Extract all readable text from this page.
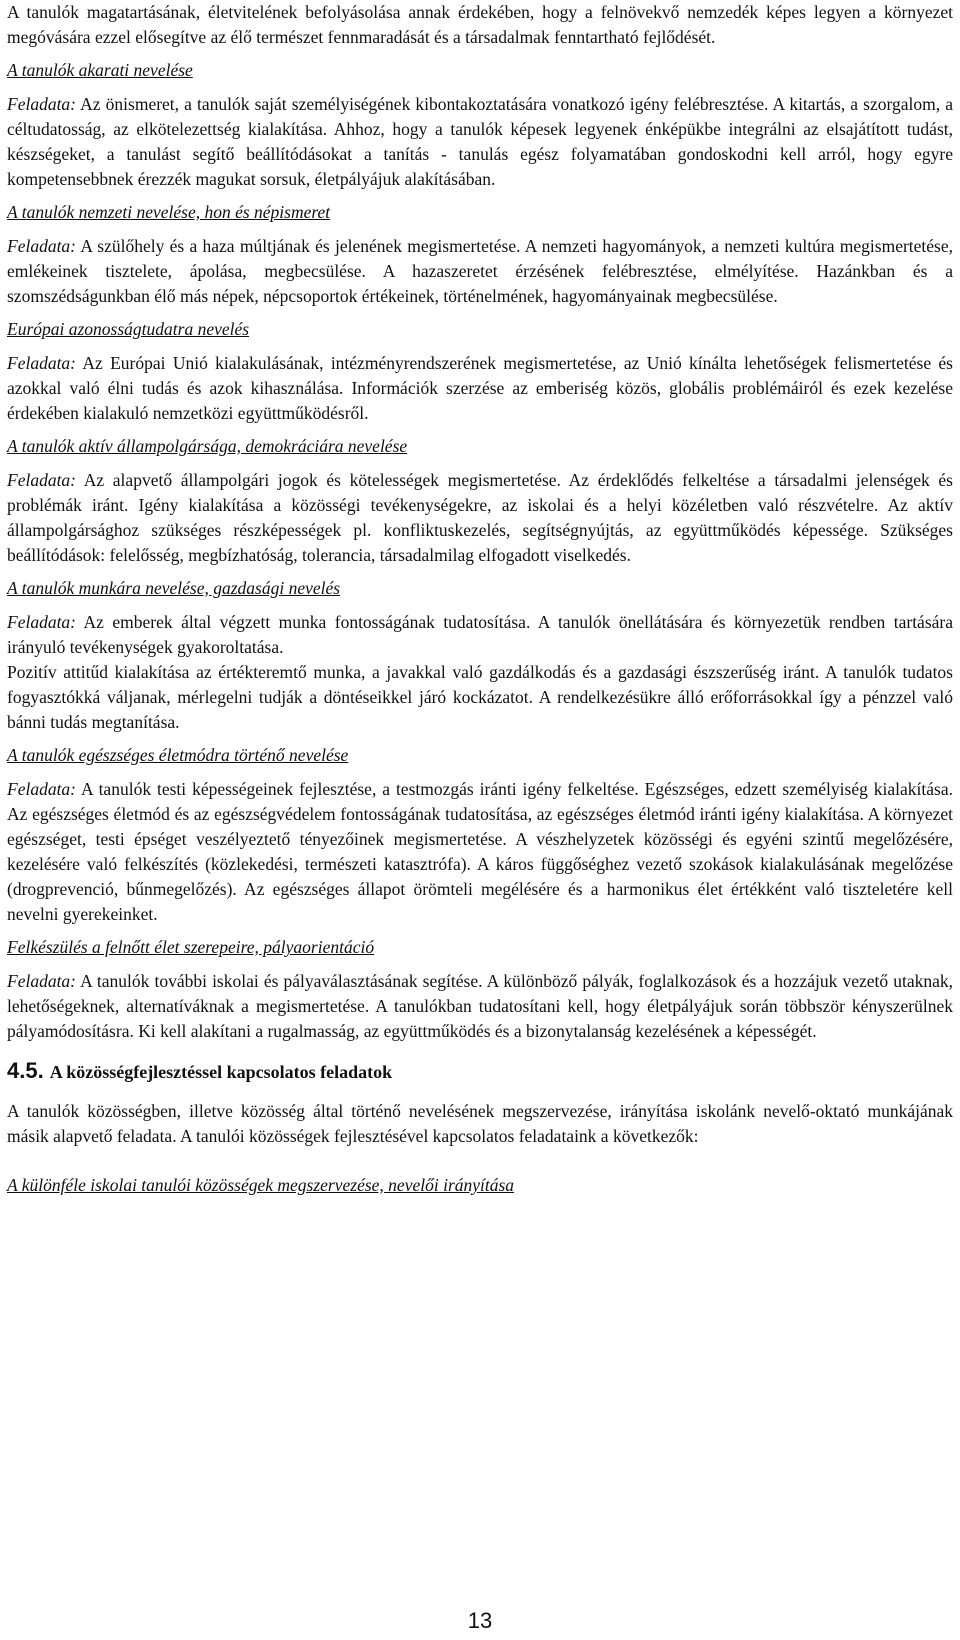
A tanulók magatartásának, életvitelének befolyásolása annak érdekében, hogy a felnövekvő nemzedék képes legyen a környezet megóvására ezzel elősegítve az élő természet fennmaradását és a társadalmak fenntartható fejlődését.

A tanulók akarati nevelése

Feladata: Az önismeret, a tanulók saját személyiségének kibontakoztatására vonatkozó igény felébresztése. A kitartás, a szorgalom, a céltudatosság, az elkötelezettség kialakítása. Ahhoz, hogy a tanulók képesek legyenek énképükbe integrálni az elsajátított tudást, készségeket, a tanulást segítő beállítódásokat a tanítás - tanulás egész folyamatában gondoskodni kell arról, hogy egyre kompetensebbnek érezzék magukat sorsuk, életpályájuk alakításában.

A tanulók nemzeti nevelése, hon és népismeret

Feladata: A szülőhely és a haza múltjának és jelenének megismertetése. A nemzeti hagyományok, a nemzeti kultúra megismertetése, emlékeinek tisztelete, ápolása, megbecsülése. A hazaszeretet érzésének felébresztése, elmélyítése. Hazánkban és a szomszédságunkban élő más népek, népcsoportok értékeinek, történelmének, hagyományainak megbecsülése.

Európai azonosságtudatra nevelés

Feladata: Az Európai Unió kialakulásának, intézményrendszerének megismertetése, az Unió kínálta lehetőségek felismertetése és azokkal való élni tudás és azok kihasználása. Információk szerzése az emberiség közös, globális problémáiról és ezek kezelése érdekében kialakuló nemzetközi együttműködésről.

A tanulók aktív állampolgársága, demokráciára nevelése

Feladata: Az alapvető állampolgári jogok és kötelességek megismertetése. Az érdeklődés felkeltése a társadalmi jelenségek és problémák iránt. Igény kialakítása a közösségi tevékenységekre, az iskolai és a helyi közéletben való részvételre. Az aktív állampolgársághoz szükséges részképességek pl. konfliktuskezelés, segítségnyújtás, az együttműködés képessége. Szükséges beállítódások: felelősség, megbízhatóság, tolerancia, társadalmilag elfogadott viselkedés.

A tanulók munkára nevelése, gazdasági nevelés

Feladata: Az emberek által végzett munka fontosságának tudatosítása. A tanulók önellátására és környezetük rendben tartására irányuló tevékenységek gyakoroltatása.

Pozitív attitűd kialakítása az értékteremtő munka, a javakkal való gazdálkodás és a gazdasági észszerűség iránt. A tanulók tudatos fogyasztókká váljanak, mérlegelni tudják a döntéseikkel járó kockázatot. A rendelkezésükre álló erőforrásokkal így a pénzzel való bánni tudás megtanítása.

A tanulók egészséges életmódra történő nevelése

Feladata: A tanulók testi képességeinek fejlesztése, a testmozgás iránti igény felkeltése. Egészséges, edzett személyiség kialakítása. Az egészséges életmód és az egészségvédelem fontosságának tudatosítása, az egészséges életmód iránti igény kialakítása. A környezet egészséget, testi épséget veszélyeztető tényezőinek megismertetése. A vészhelyzetek közösségi és egyéni szintű megelőzésére, kezelésére való felkészítés (közlekedési, természeti katasztrófa). A káros függőséghez vezető szokások kialakulásának megelőzése (drogprevenció, bűnmegelőzés). Az egészséges állapot örömteli megélésére és a harmonikus élet értékként való tiszteletére kell nevelni gyerekeinket.

Felkészülés a felnőtt élet szerepeire, pályaorientáció

Feladata: A tanulók további iskolai és pályaválasztásának segítése. A különböző pályák, foglalkozások és a hozzájuk vezető utaknak, lehetőségeknek, alternatíváknak a megismertetése. A tanulókban tudatosítani kell, hogy életpályájuk során többször kényszerülnek pályamódosításra. Ki kell alakítani a rugalmasság, az együttműködés és a bizonytalanság kezelésének a képességét.

4.5. A közösségfejlesztéssel kapcsolatos feladatok

A tanulók közösségben, illetve közösség által történő nevelésének megszervezése, irányítása iskolánk nevelő-oktató munkájának másik alapvető feladata. A tanulói közösségek fejlesztésével kapcsolatos feladataink a következők:

A különféle iskolai tanulói közösségek megszervezése, nevelői irányítása

13
